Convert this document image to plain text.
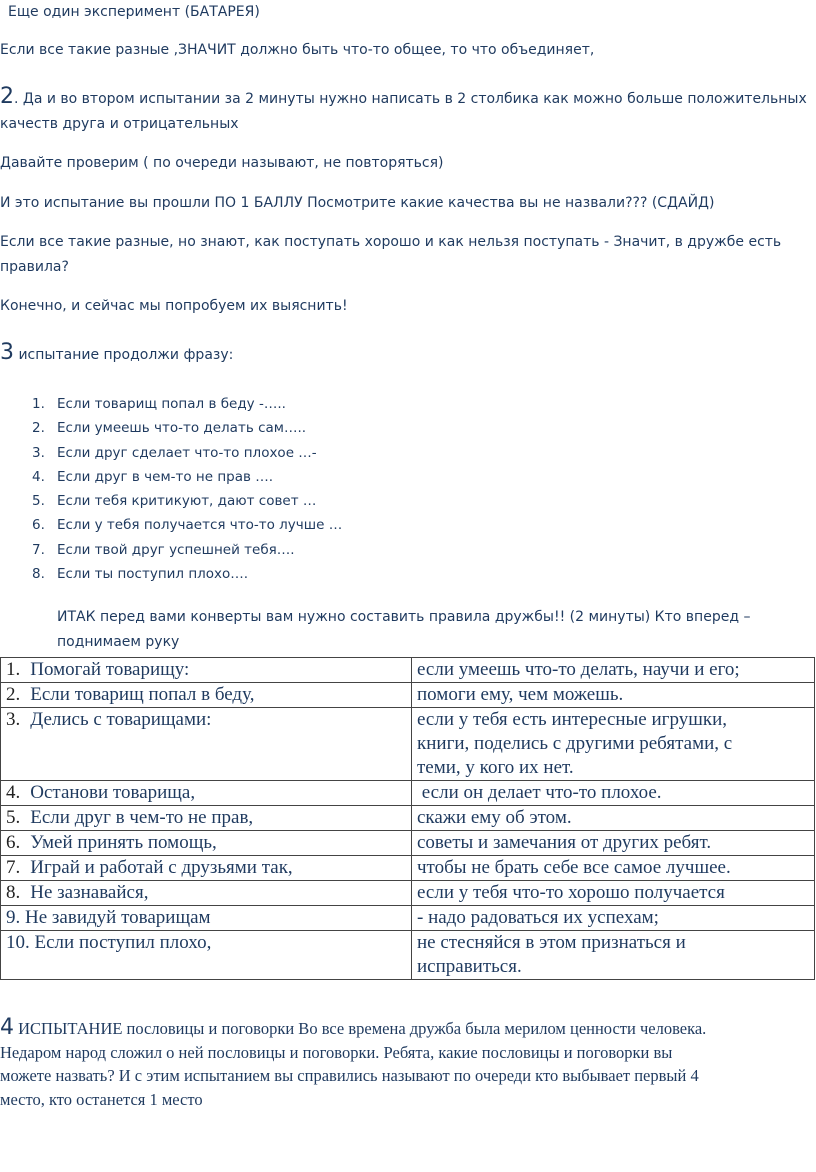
Еще один эксперимент (БАТАРЕЯ)
Если все такие разные ,ЗНАЧИТ должно быть что-то общее, то что объединяет,
2. Да и во втором испытании за 2 минуты нужно написать в 2 столбика как можно больше положительных
качеств друга и отрицательных
Давайте проверим ( по очереди называют, не повторяться)
И это испытание вы прошли ПО 1 БАЛЛУ Посмотрите какие качества вы не назвали??? (СДАЙД)
Если все такие разные, но знают, как поступать хорошо и как нельзя поступать - Значит, в дружбе есть
правила?
Конечно, и сейчас мы попробуем их выяснить!
3 испытание продолжи фразу:
1. Если товарищ попал в беду -…..
2. Если умеешь что-то делать сам…..
3. Если друг сделает что-то плохое …-
4. Если друг в чем-то не прав ….
5. Если тебя критикуют, дают совет …
6. Если у тебя получается что-то лучше …
7. Если твой друг успешней тебя….
8. Если ты поступил плохо….
ИТАК перед вами конверты вам нужно составить правила дружбы!! (2 минуты) Кто вперед –
поднимаем руку
1. Помогай товарищу:	если умеешь что-то делать, научи и его;
2. Если товарищ попал в беду,	помоги ему, чем можешь.
3. Делись с товарищами:	если у тебя есть интересные игрушки,
книги, поделись с другими ребятами, с
теми, у кого их нет.

4. Останови товарища,	если он делает что-то плохое.
5. Если друг в чем-то не прав,	скажи ему об этом.
6. Умей принять помощь,	советы и замечания от других ребят.
7. Играй и работай с друзьями так,	чтобы не брать себе все самое лучшее.
8. Не зазнавайся,	если у тебя что-то хорошо получается
9. Не завидуй товарищам	- надо радоваться их успехам;
10. Если поступил плохо,	не стесняйся в этом признаться и
исправиться.
4 ИСПЫТАНИЕ пословицы и поговорки Во все времена дружба была мерилом ценности человека.
Недаром народ сложил о ней пословицы и поговорки. Ребята, какие пословицы и поговорки вы
можете назвать? И с этим испытанием вы справились называют по очереди кто выбывает первый 4
место, кто останется 1 место
